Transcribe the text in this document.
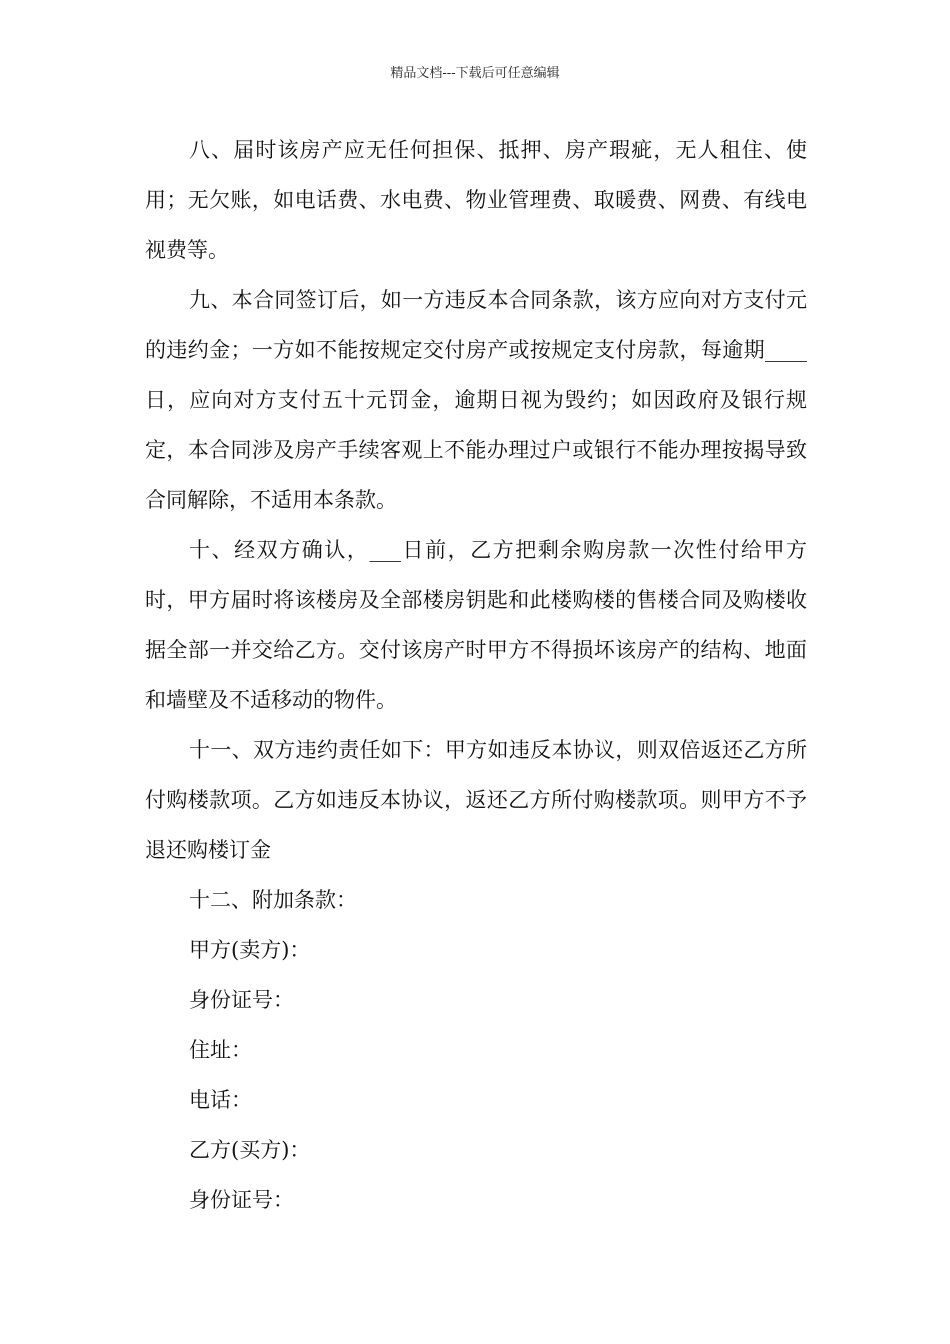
精品文档---下载后可任意编辑

八、届时该房产应无任何担保、抵押、房产瑕疵，无人租住、使用；无欠账，如电话费、水电费、物业管理费、取暖费、网费、有线电视费等。

九、本合同签订后，如一方违反本合同条款，该方应向对方支付元的违约金；一方如不能按规定交付房产或按规定支付房款，每逾期____日，应向对方支付五十元罚金，逾期日视为毁约；如因政府及银行规定，本合同涉及房产手续客观上不能办理过户或银行不能办理按揭导致合同解除，不适用本条款。

十、经双方确认，___日前，乙方把剩余购房款一次性付给甲方时，甲方届时将该楼房及全部楼房钥匙和此楼购楼的售楼合同及购楼收据全部一并交给乙方。交付该房产时甲方不得损坏该房产的结构、地面和墙壁及不适移动的物件。

十一、双方违约责任如下：甲方如违反本协议，则双倍返还乙方所付购楼款项。乙方如违反本协议，返还乙方所付购楼款项。则甲方不予退还购楼订金

十二、附加条款：

甲方(卖方)：

身份证号：

住址：

电话：

乙方(买方)：

身份证号：
